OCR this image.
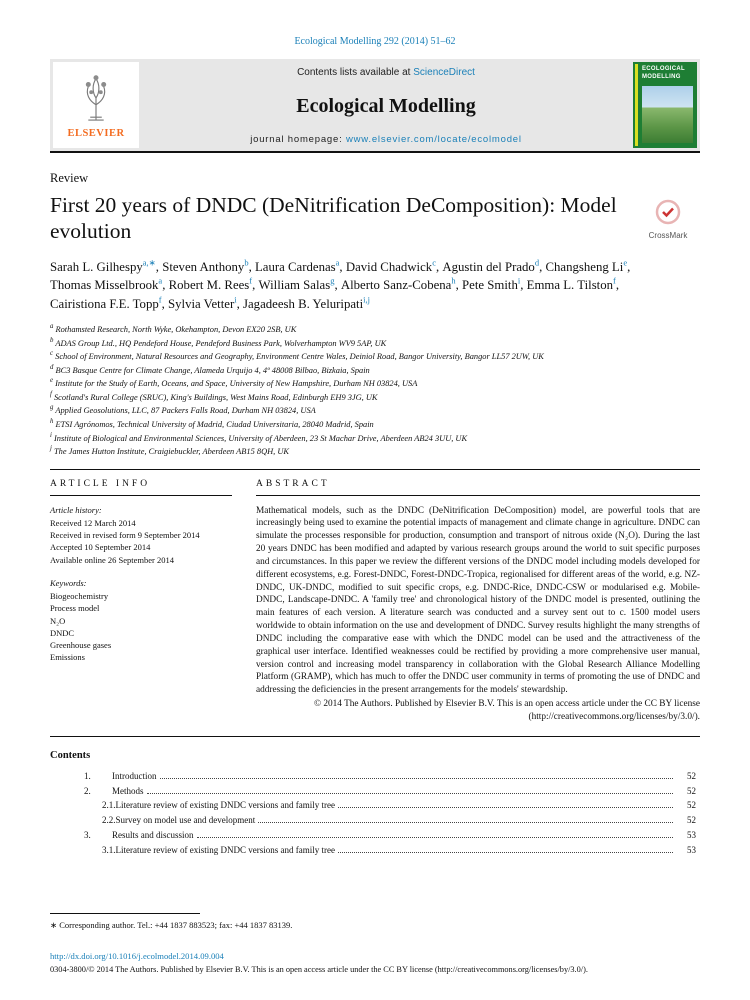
Ecological Modelling 292 (2014) 51–62
ELSEVIER
Contents lists available at ScienceDirect
Ecological Modelling
journal homepage: www.elsevier.com/locate/ecolmodel
ECOLOGICAL MODELLING
Review
First 20 years of DNDC (DeNitrification DeComposition): Model evolution	CrossMark
Sarah L. Gilhespy$^{a,∗}$, Steven Anthony$^b$, Laura Cardenas$^a$, David Chadwick$^c$, Agustin del Prado$^d$, Changsheng Li$^e$, Thomas Misselbrook$^a$, Robert M. Rees$^f$, William Salas$^g$, Alberto Sanz-Cobena$^h$, Pete Smith$^i$, Emma L. Tilston$^f$, Cairistiona F.E. Topp$^f$, Sylvia Vetter$^i$, Jagadeesh B. Yeluripati$^{i,j}$
$^a$ Rothamsted Research, North Wyke, Okehampton, Devon EX20 2SB, UK
$^b$ ADAS Group Ltd., HQ Pendeford House, Pendeford Business Park, Wolverhampton WV9 5AP, UK
$^c$ School of Environment, Natural Resources and Geography, Environment Centre Wales, Deiniol Road, Bangor University, Bangor LL57 2UW, UK
$^d$ BC3 Basque Centre for Climate Change, Alameda Urquijo 4, 4º 48008 Bilbao, Bizkaia, Spain
$^e$ Institute for the Study of Earth, Oceans, and Space, University of New Hampshire, Durham NH 03824, USA
$^f$ Scotland's Rural College (SRUC), King's Buildings, West Mains Road, Edinburgh EH9 3JG, UK
$^g$ Applied Geosolutions, LLC, 87 Packers Falls Road, Durham NH 03824, USA
$^h$ ETSI Agrónomos, Technical University of Madrid, Ciudad Universitaria, 28040 Madrid, Spain
$^i$ Institute of Biological and Environmental Sciences, University of Aberdeen, 23 St Machar Drive, Aberdeen AB24 3UU, UK
$^j$ The James Hutton Institute, Craigiebuckler, Aberdeen AB15 8QH, UK
ARTICLE INFO
Article history:
Received 12 March 2014
Received in revised form 9 September 2014
Accepted 10 September 2014
Available online 26 September 2014
Keywords:
Biogeochemistry
Process model
N₂O
DNDC
Greenhouse gases
Emissions
ABSTRACT

Mathematical models, such as the DNDC (DeNitrification DeComposition) model, are powerful tools that are increasingly being used to examine the potential impacts of management and climate change in agriculture. DNDC can simulate the processes responsible for production, consumption and transport of nitrous oxide (N₂O). During the last 20 years DNDC has been modified and adapted by various research groups around the world to suit specific purposes and circumstances. In this paper we review the different versions of the DNDC model including models developed for different ecosystems, e.g. Forest-DNDC, Forest-DNDC-Tropica, regionalised for different areas of the world, e.g. NZ-DNDC, UK-DNDC, modified to suit specific crops, e.g. DNDC-Rice, DNDC-CSW or modularised e.g. Mobile-DNDC, Landscape-DNDC. A 'family tree' and chronological history of the DNDC model is presented, outlining the main features of each version. A literature search was conducted and a survey sent out to c. 1500 model users worldwide to obtain information on the use and development of DNDC. Survey results highlight the many strengths of DNDC including the comparative ease with which the DNDC model can be used and the attractiveness of the graphical user interface. Identified weaknesses could be rectified by providing a more comprehensive user manual, version control and increasing model transparency in collaboration with the Global Research Alliance Modelling Platform (GRAMP), which has much to offer the DNDC user community in terms of promoting the use of DNDC and addressing the deficiencies in the present arrangements for the models' stewardship.

© 2014 The Authors. Published by Elsevier B.V. This is an open access article under the CC BY license
(http://creativecommons.org/licenses/by/3.0/).
Contents
1.	Introduction	52
2.	Methods	52
  2.1. Literature review of existing DNDC versions and family tree	52
  2.2. Survey on model use and development	52
3.	Results and discussion	53
  3.1. Literature review of existing DNDC versions and family tree	53
∗ Corresponding author. Tel.: +44 1837 883523; fax: +44 1837 83139.
http://dx.doi.org/10.1016/j.ecolmodel.2014.09.004
0304-3800/© 2014 The Authors. Published by Elsevier B.V. This is an open access article under the CC BY license (http://creativecommons.org/licenses/by/3.0/).
